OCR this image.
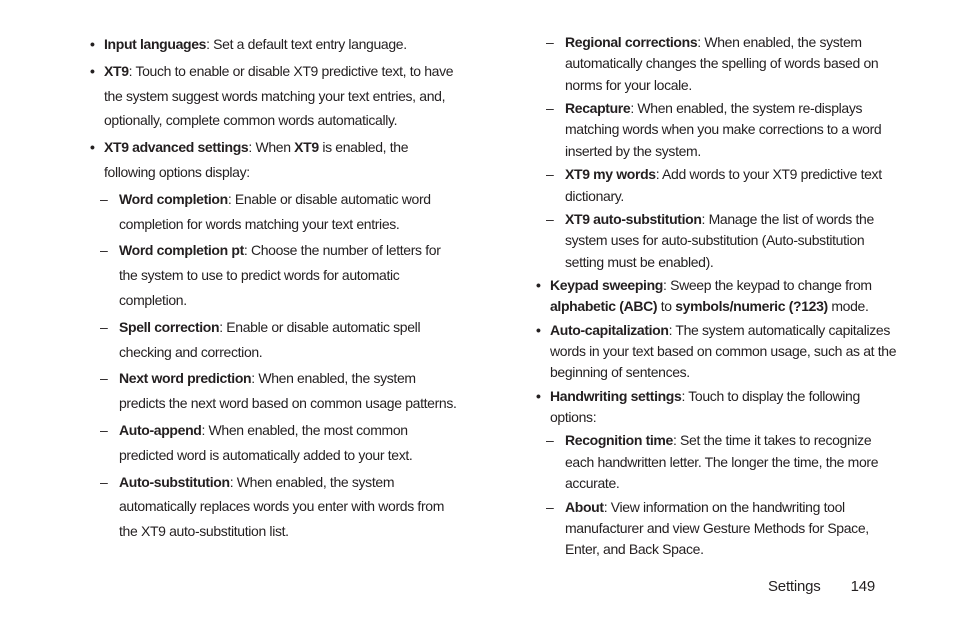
• Input languages: Set a default text entry language.
• XT9: Touch to enable or disable XT9 predictive text, to have the system suggest words matching your text entries, and, optionally, complete common words automatically.
• XT9 advanced settings: When XT9 is enabled, the following options display:
– Word completion: Enable or disable automatic word completion for words matching your text entries.
– Word completion pt: Choose the number of letters for the system to use to predict words for automatic completion.
– Spell correction: Enable or disable automatic spell checking and correction.
– Next word prediction: When enabled, the system predicts the next word based on common usage patterns.
– Auto-append: When enabled, the most common predicted word is automatically added to your text.
– Auto-substitution: When enabled, the system automatically replaces words you enter with words from the XT9 auto-substitution list.
– Regional corrections: When enabled, the system automatically changes the spelling of words based on norms for your locale.
– Recapture: When enabled, the system re-displays matching words when you make corrections to a word inserted by the system.
– XT9 my words: Add words to your XT9 predictive text dictionary.
– XT9 auto-substitution: Manage the list of words the system uses for auto-substitution (Auto-substitution setting must be enabled).
• Keypad sweeping: Sweep the keypad to change from alphabetic (ABC) to symbols/numeric (?123) mode.
• Auto-capitalization: The system automatically capitalizes words in your text based on common usage, such as at the beginning of sentences.
• Handwriting settings: Touch to display the following options:
– Recognition time: Set the time it takes to recognize each handwritten letter. The longer the time, the more accurate.
– About: View information on the handwriting tool manufacturer and view Gesture Methods for Space, Enter, and Back Space.
Settings 149
